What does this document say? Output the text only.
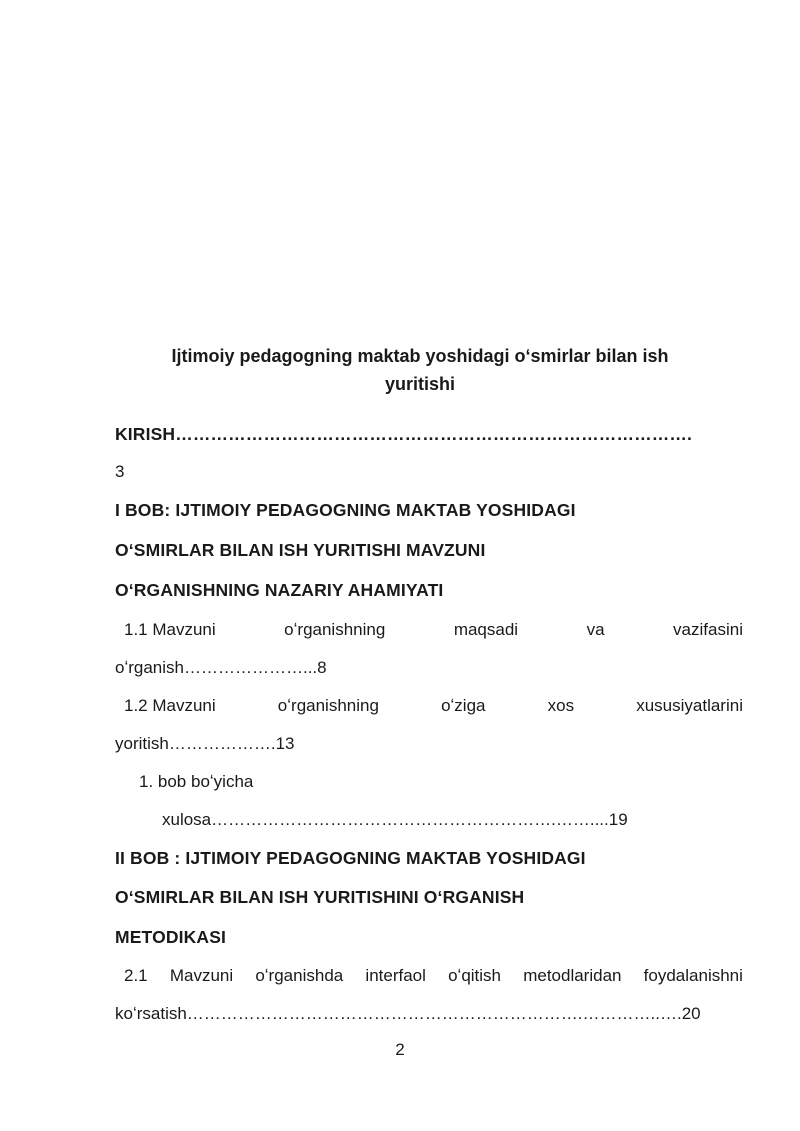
Ijtimoiy pedagogning maktab yoshidagi oʻsmirlar bilan ish
yuritishi
KIRISH…………………………………………………………………………….
3
I BOB: IJTIMOIY PEDAGOGNING MAKTAB YOSHIDAGI
OʻSMIRLAR BILAN ISH YURITISHI MAVZUNI
OʻRGANISHNING NAZARIY AHAMIYATI
1.1 Mavzuni	oʻrganishning	maqsadi	va	vazifasini
oʻrganish…………………...8
1.2 Mavzuni	oʻrganishning	oʻziga	xos	xususiyatlarini
yoritish……………….13
1. bob boʻyicha
xulosa…………………………………………………….……....19
II BOB : IJTIMOIY PEDAGOGNING MAKTAB YOSHIDAGI
OʻSMIRLAR BILAN ISH YURITISHINI OʻRGANISH
METODIKASI
2.1 Mavzuni oʻrganishda interfaol oʻqitish metodlaridan foydalanishni
koʻrsatish…………………………………………………………….…………..….20
2
